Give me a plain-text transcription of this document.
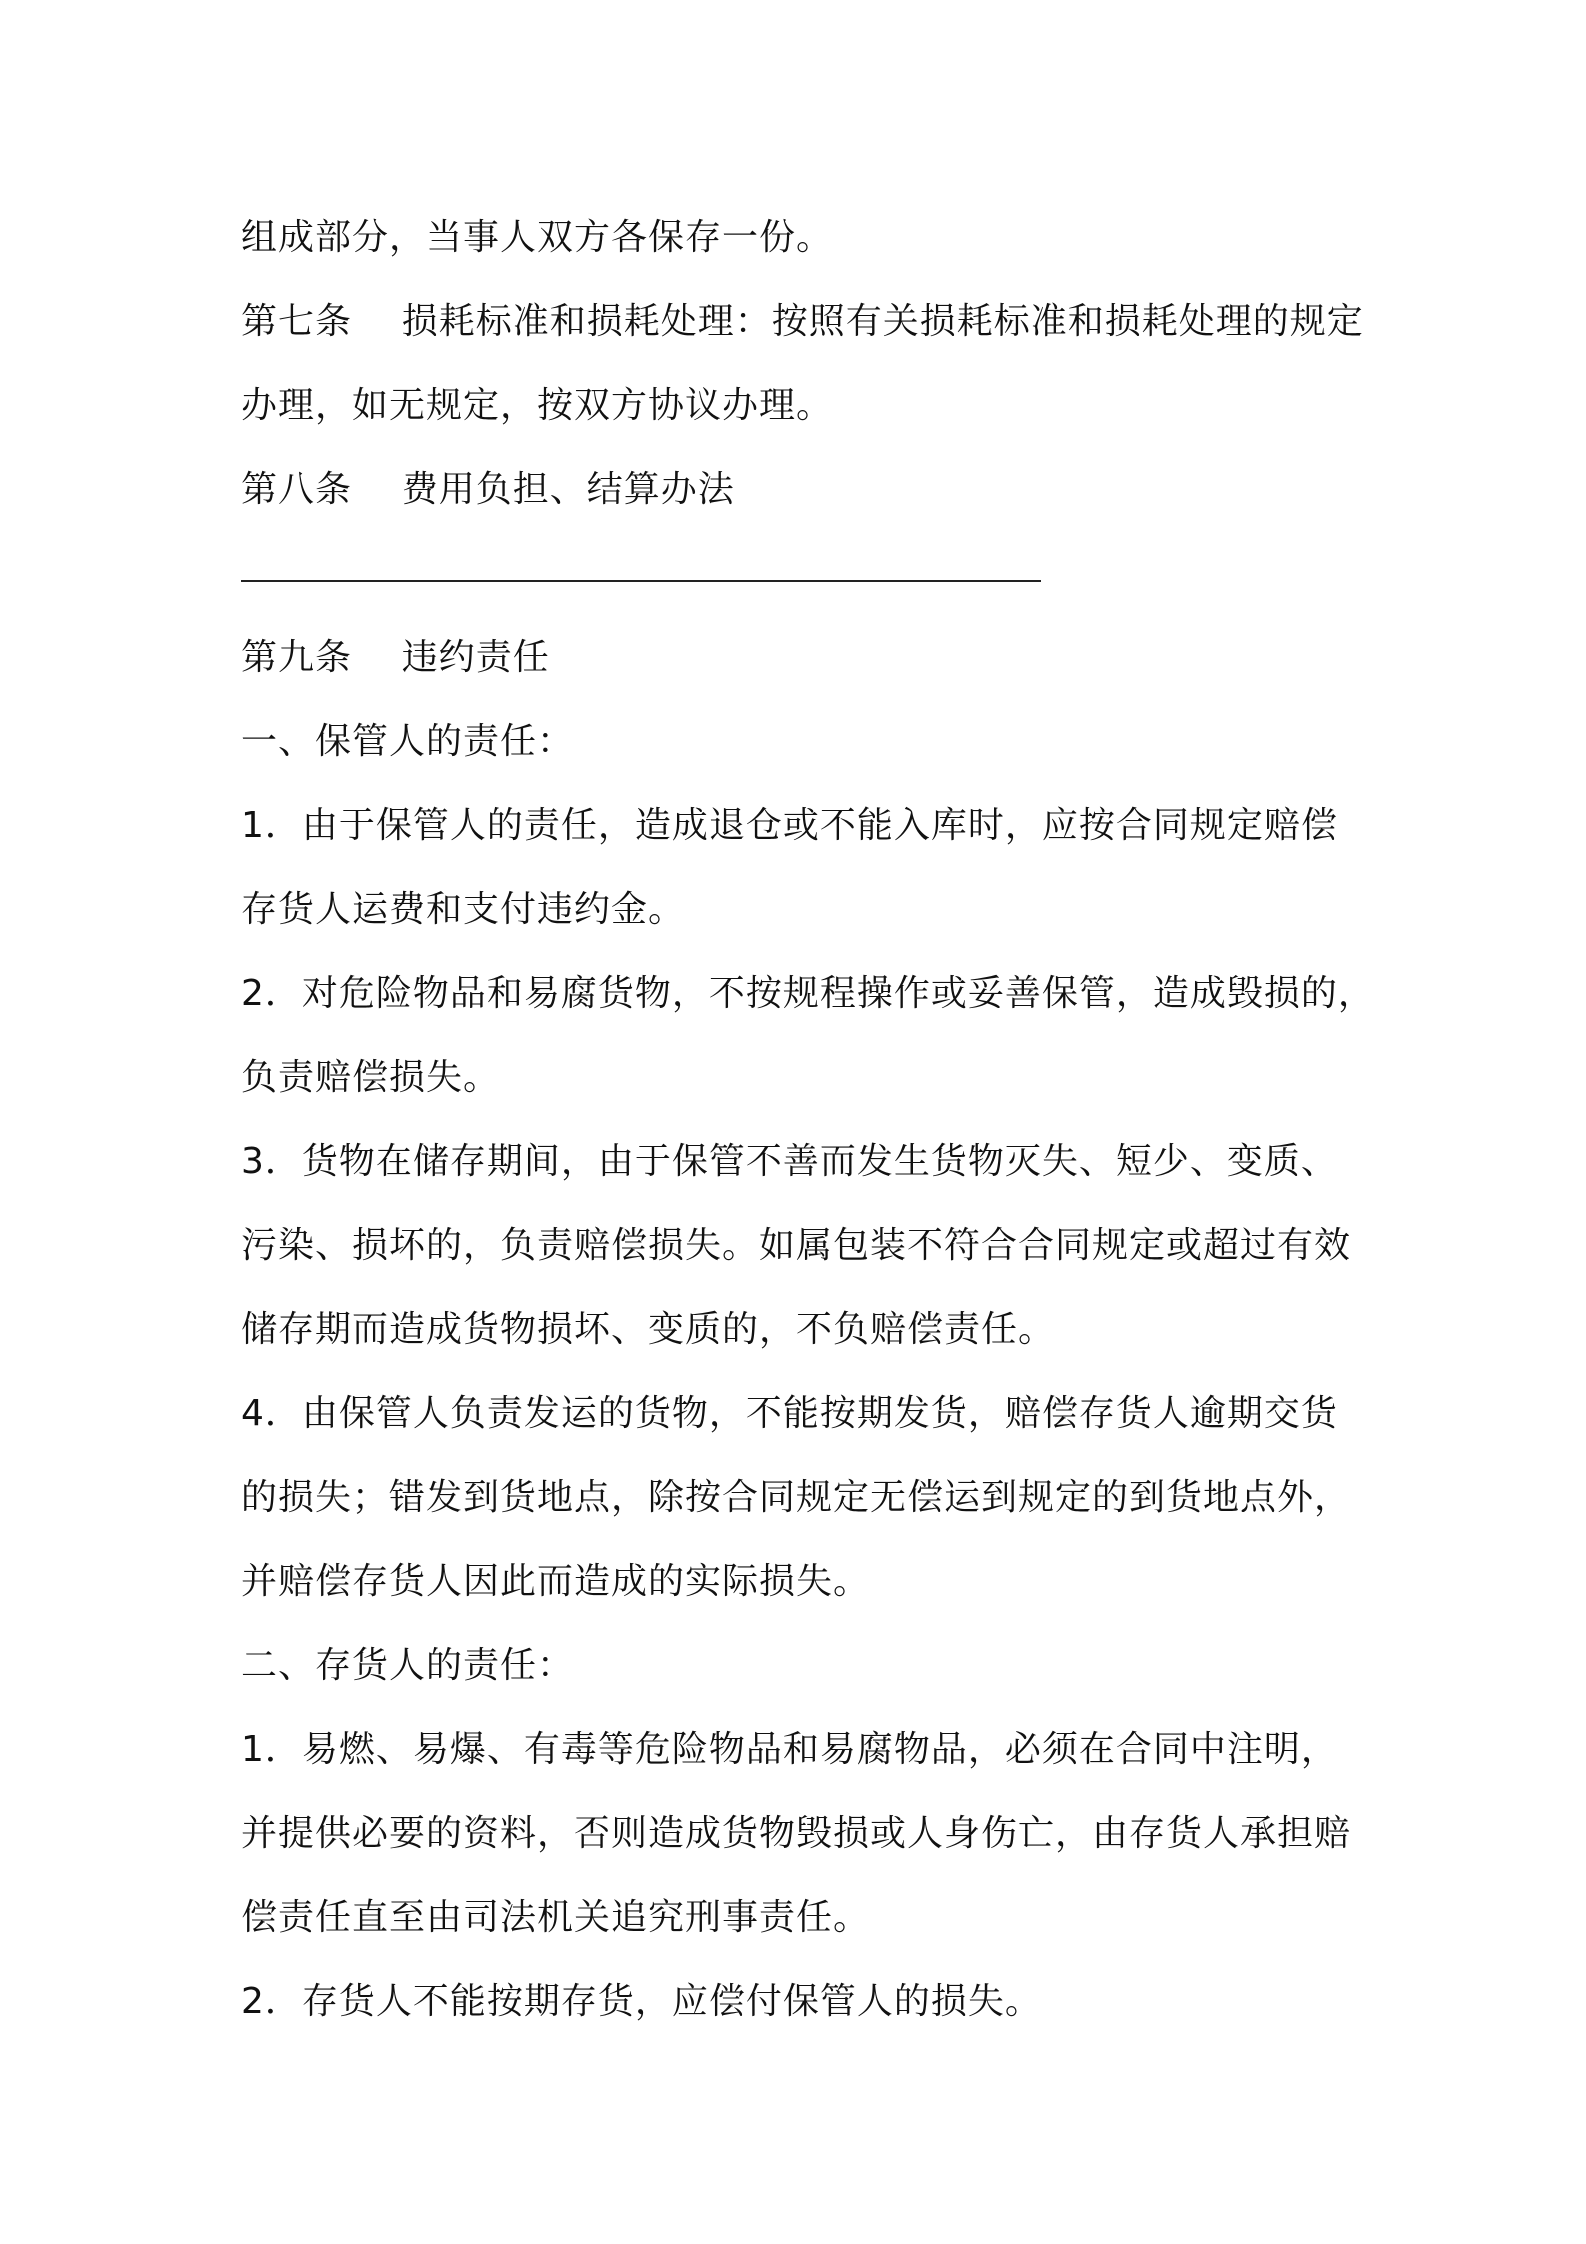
组成部分，当事人双方各保存一份。
第七条    损耗标准和损耗处理：按照有关损耗标准和损耗处理的规定
办理，如无规定，按双方协议办理。
第八条    费用负担、结算办法
第九条    违约责任
一、保管人的责任：
1．由于保管人的责任，造成退仓或不能入库时，应按合同规定赔偿
存货人运费和支付违约金。
2．对危险物品和易腐货物，不按规程操作或妥善保管，造成毁损的，
负责赔偿损失。
3．货物在储存期间，由于保管不善而发生货物灭失、短少、变质、
污染、损坏的，负责赔偿损失。如属包装不符合合同规定或超过有效
储存期而造成货物损坏、变质的，不负赔偿责任。
4．由保管人负责发运的货物，不能按期发货，赔偿存货人逾期交货
的损失；错发到货地点，除按合同规定无偿运到规定的到货地点外，
并赔偿存货人因此而造成的实际损失。
二、存货人的责任：
1．易燃、易爆、有毒等危险物品和易腐物品，必须在合同中注明，
并提供必要的资料，否则造成货物毁损或人身伤亡，由存货人承担赔
偿责任直至由司法机关追究刑事责任。
2．存货人不能按期存货，应偿付保管人的损失。
